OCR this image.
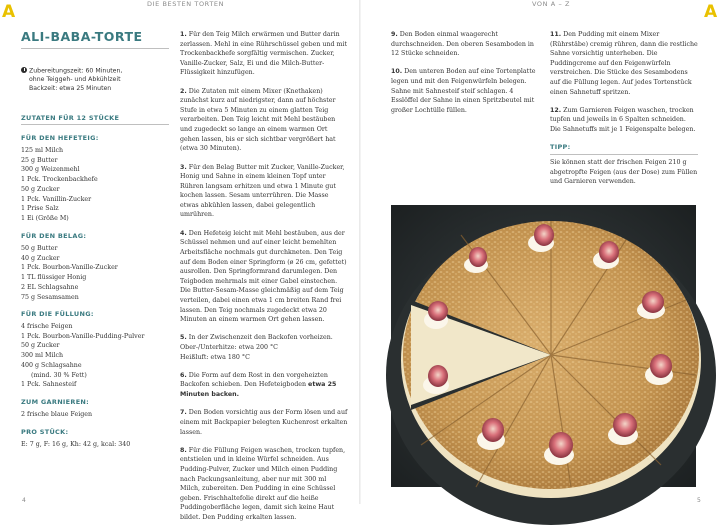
DIE BESTEN TORTEN	VON A – Z
A	A
ALI-BABA-TORTE
Zubereitungszeit: 60 Minuten,
ohne Teiggeh- und Abkühlzeit
Backzeit: etwa 25 Minuten
ZUTATEN FÜR 12 STÜCKE
FÜR DEN HEFETEIG:
125 ml Milch
25 g Butter
300 g Weizenmehl
1 Pck. Trockenbackhefe
50 g Zucker
1 Pck. Vanillin-Zucker
1 Prise Salz
1 Ei (Größe M)
FÜR DEN BELAG:
50 g Butter
40 g Zucker
1 Pck. Bourbon-Vanille-Zucker
1 TL flüssiger Honig
2 EL Schlagsahne
75 g Sesamsamen
FÜR DIE FÜLLUNG:
4 frische Feigen
1 Pck. Bourbon-Vanille-Pudding-Pulver
50 g Zucker
300 ml Milch
400 g Schlagsahne
(mind. 30 % Fett)
1 Pck. Sahnesteif
ZUM GARNIEREN:
2 frische blaue Feigen
PRO STÜCK:
E: 7 g, F: 16 g, Kh: 42 g, kcal: 340

1. Für den Teig Milch erwärmen und Butter darin zerlassen. Mehl in eine Rührschüssel geben und mit Trockenbackhefe sorgfältig vermischen. Zucker, Vanille-Zucker, Salz, Ei und die Milch-Butter-Flüssigkeit hinzufügen.

2. Die Zutaten mit einem Mixer (Knethaken) zunächst kurz auf niedrigster, dann auf höchster Stufe in etwa 5 Minuten zu einem glatten Teig verarbeiten. Den Teig leicht mit Mehl bestäuben und zugedeckt so lange an einem warmen Ort gehen lassen, bis er sich sichtbar vergrößert hat (etwa 30 Minuten).

3. Für den Belag Butter mit Zucker, Vanille-Zucker, Honig und Sahne in einem kleinen Topf unter Rühren langsam erhitzen und etwa 1 Minute gut kochen lassen. Sesam unterrühren. Die Masse etwas abkühlen lassen, dabei gelegentlich umrühren.

4. Den Hefeteig leicht mit Mehl bestäuben, aus der Schüssel nehmen und auf einer leicht bemehlten Arbeitsfläche nochmals gut durchkneten. Den Teig auf dem Boden einer Springform (ø 26 cm, gefettet) ausrollen. Den Springformrand darumlegen. Den Teigboden mehrmals mit einer Gabel einstechen. Die Butter-Sesam-Masse gleichmäßig auf dem Teig verteilen, dabei einen etwa 1 cm breiten Rand frei lassen. Den Teig nochmals zugedeckt etwa 20 Minuten an einem warmen Ort gehen lassen.

5. In der Zwischenzeit den Backofen vorheizen.
Ober-/Unterhitze: etwa 200 °C
Heißluft: etwa 180 °C

6. Die Form auf dem Rost in den vorgeheizten Backofen schieben. Den Hefeteigboden etwa 25 Minuten backen.

7. Den Boden vorsichtig aus der Form lösen und auf einem mit Backpapier belegten Kuchenrost erkalten lassen.

8. Für die Füllung Feigen waschen, trocken tupfen, entstielen und in kleine Würfel schneiden. Aus Pudding-Pulver, Zucker und Milch einen Pudding nach Packungsanleitung, aber nur mit 300 ml Milch, zubereiten. Den Pudding in eine Schüssel geben. Frischhaltefolie direkt auf die heiße Puddingoberfläche legen, damit sich keine Haut bildet. Den Pudding erkalten lassen.

9. Den Boden einmal waagerecht durchschneiden. Den oberen Sesamboden in 12 Stücke schneiden.

10. Den unteren Boden auf eine Tortenplatte legen und mit den Feigenwürfeln belegen. Sahne mit Sahnesteif steif schlagen. 4 Esslöffel der Sahne in einen Spritzbeutel mit großer Lochtülle füllen.

11. Den Pudding mit einem Mixer (Rührstäbe) cremig rühren, dann die restliche Sahne vorsichtig unterheben. Die Puddingcreme auf den Feigenwürfeln verstreichen. Die Stücke des Sesambodens auf die Füllung legen. Auf jedes Tortenstück einen Sahnetuff spritzen.

12. Zum Garnieren Feigen waschen, trocken tupfen und jeweils in 6 Spalten schneiden. Die Sahnetuffs mit je 1 Feigenspalte belegen.

TIPP:

Sie können statt der frischen Feigen 210 g abgetropfte Feigen (aus der Dose) zum Füllen und Garnieren verwenden.

4	5
